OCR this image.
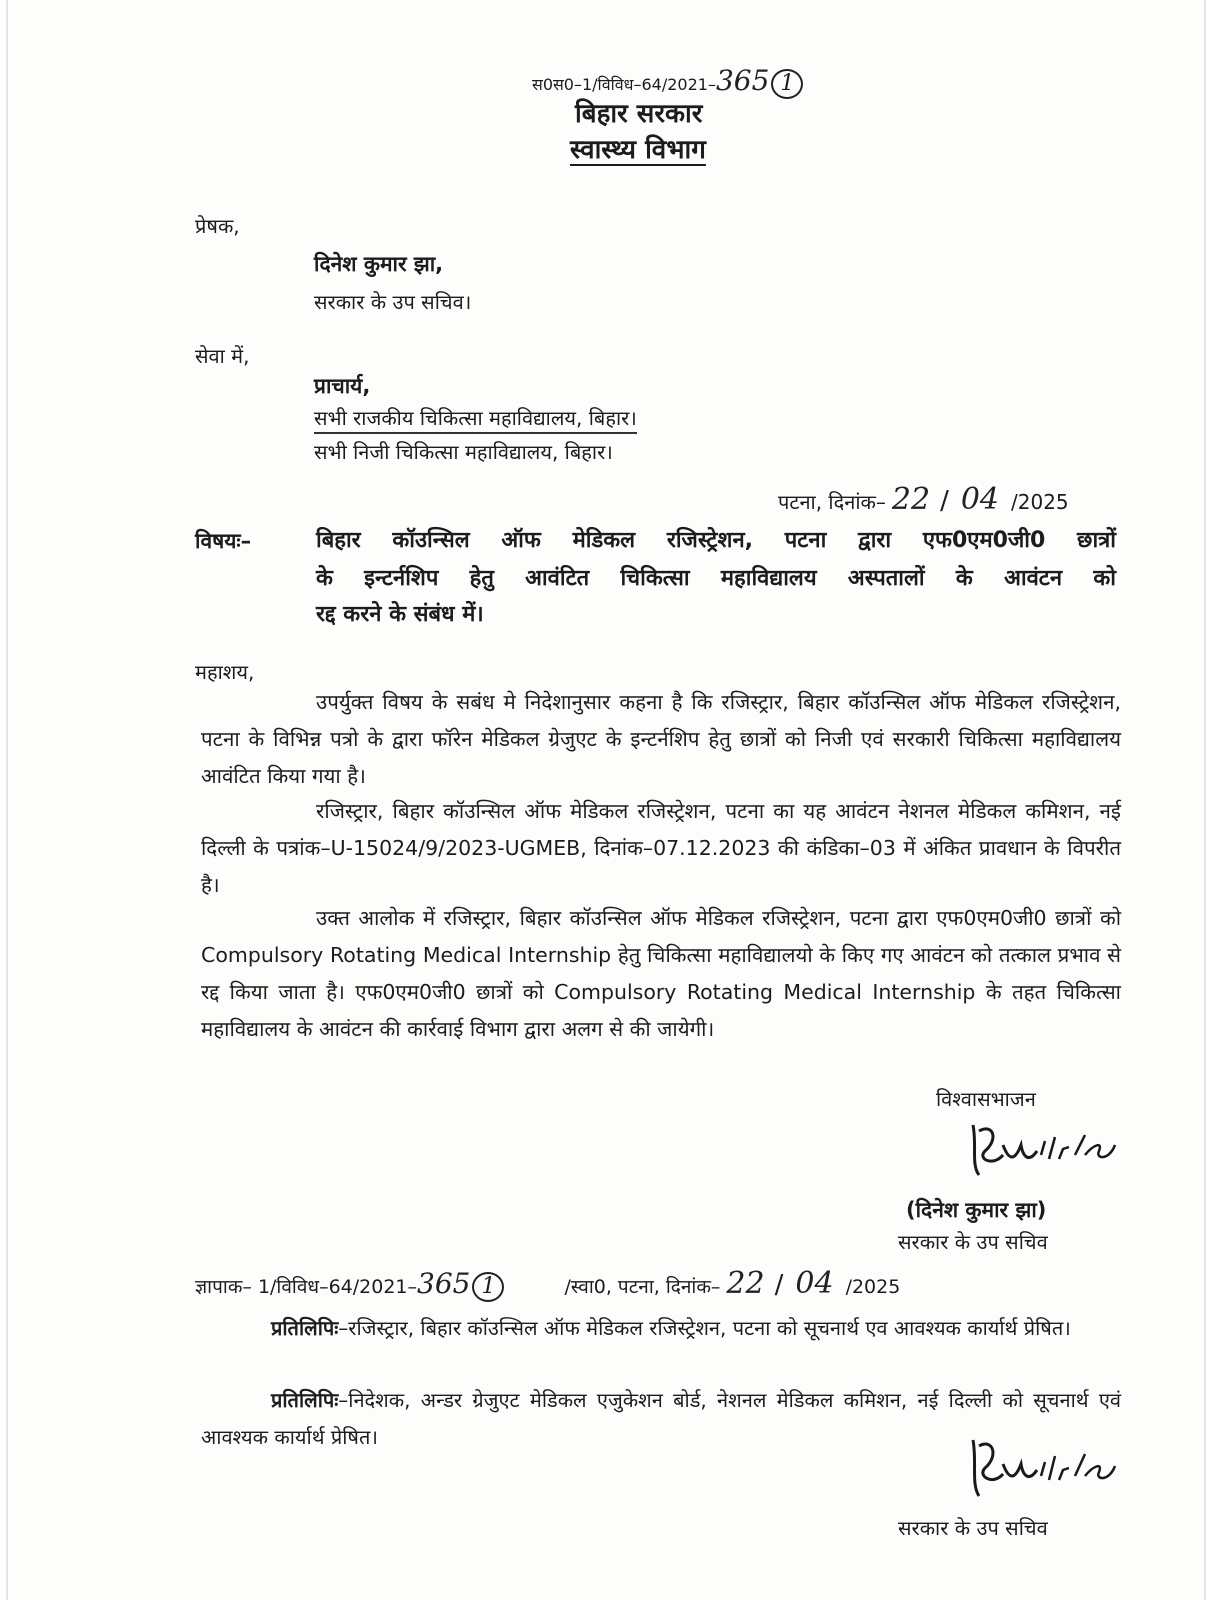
स0स0–1/विविध–64/2021–365 1
बिहार सरकार
स्वास्थ्य विभाग
प्रेषक,
दिनेश कुमार झा,
सरकार के उप सचिव।
सेवा में,
प्राचार्य,
सभी राजकीय चिकित्सा महाविद्यालय, बिहार।
सभी निजी चिकित्सा महाविद्यालय, बिहार।
पटना, दिनांक– 22 / 04 /2025
विषयः–	बिहार कॉउन्सिल ऑफ मेडिकल रजिस्ट्रेशन, पटना द्वारा एफ0एम0जी0 छात्रों
के इन्टर्नशिप हेतु आवंटित चिकित्सा महाविद्यालय अस्पतालों के आवंटन को
रद्द करने के संबंध में।
महाशय,
उपर्युक्त विषय के सबंध मे निदेशानुसार कहना है कि रजिस्ट्रार, बिहार कॉउन्सिल ऑफ मेडिकल रजिस्ट्रेशन, पटना के विभिन्न पत्रो के द्वारा फॉरेन मेडिकल ग्रेजुएट के इन्टर्नशिप हेतु छात्रों को निजी एवं सरकारी चिकित्सा महाविद्यालय आवंटित किया गया है।
रजिस्ट्रार, बिहार कॉउन्सिल ऑफ मेडिकल रजिस्ट्रेशन, पटना का यह आवंटन नेशनल मेडिकल कमिशन, नई दिल्ली के पत्रांक–U-15024/9/2023-UGMEB, दिनांक–07.12.2023 की कंडिका–03 में अंकित प्रावधान के विपरीत है।
उक्त आलोक में रजिस्ट्रार, बिहार कॉउन्सिल ऑफ मेडिकल रजिस्ट्रेशन, पटना द्वारा एफ0एम0जी0 छात्रों को Compulsory Rotating Medical Internship हेतु चिकित्सा महाविद्यालयो के किए गए आवंटन को तत्काल प्रभाव से रद्द किया जाता है। एफ0एम0जी0 छात्रों को Compulsory Rotating Medical Internship के तहत चिकित्सा महाविद्यालय के आवंटन की कार्रवाई विभाग द्वारा अलग से की जायेगी।
विश्वासभाजन
(दिनेश कुमार झा)
सरकार के उप सचिव
ज्ञापाक– 1/विविध–64/2021–365 1	/स्वा0, पटना, दिनांक– 22 / 04 /2025
प्रतिलिपिः–रजिस्ट्रार, बिहार कॉउन्सिल ऑफ मेडिकल रजिस्ट्रेशन, पटना को सूचनार्थ एव आवश्यक कार्यार्थ प्रेषित।
प्रतिलिपिः–निदेशक, अन्डर ग्रेजुएट मेडिकल एजुकेशन बोर्ड, नेशनल मेडिकल कमिशन, नई दिल्ली को सूचनार्थ एवं आवश्यक कार्यार्थ प्रेषित।
सरकार के उप सचिव
